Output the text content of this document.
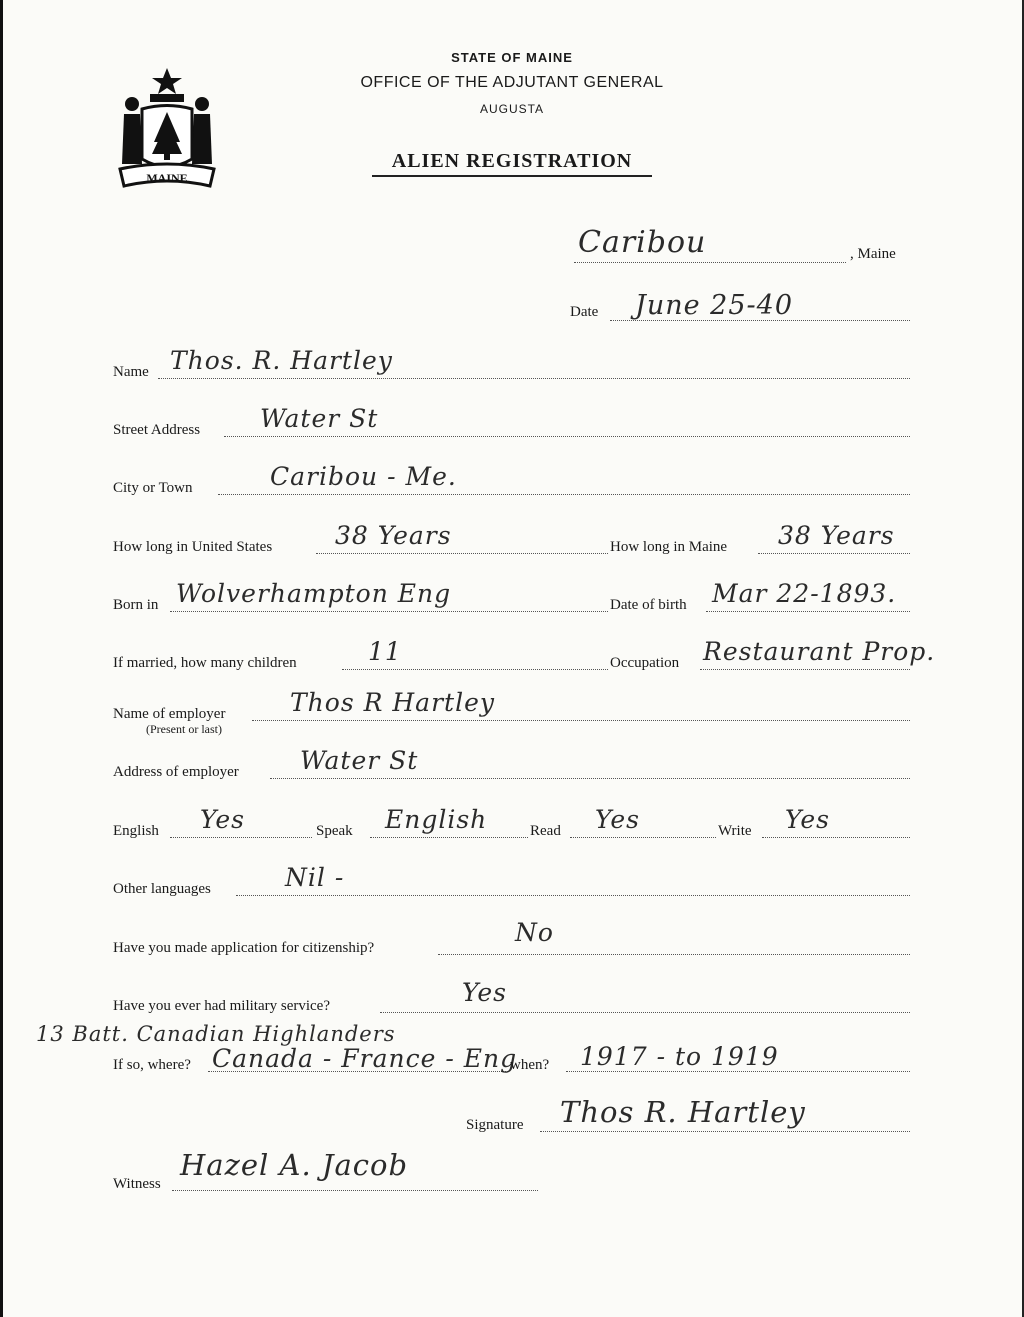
MAINE
STATE OF MAINE
OFFICE OF THE ADJUTANT GENERAL
AUGUSTA
ALIEN REGISTRATION
Caribou	, Maine
Date June 25-40
Name Thos. R. Hartley
Street Address Water St
City or Town	Caribou - Me.
How long in United States	38 Years	How long in Maine 38 Years
Born in Wolverhampton Eng	Date of birth Mar 22-1893.
If married, how many children	11	Occupation Restaurant Prop.
Name of employer
(Present or last)
Thos R Hartley
Address of employer Water St
English Yes	Speak English	Read Yes	Write Yes
Other languages	Nil -
Have you made application for citizenship?
No
Have you ever had military service?	Yes
13 Batt. Canadian Highlanders
If so, where? Canada - France - Eng
when? 1917 - to 1919
Signature Thos R. Hartley
Witness
Hazel A. Jacob
